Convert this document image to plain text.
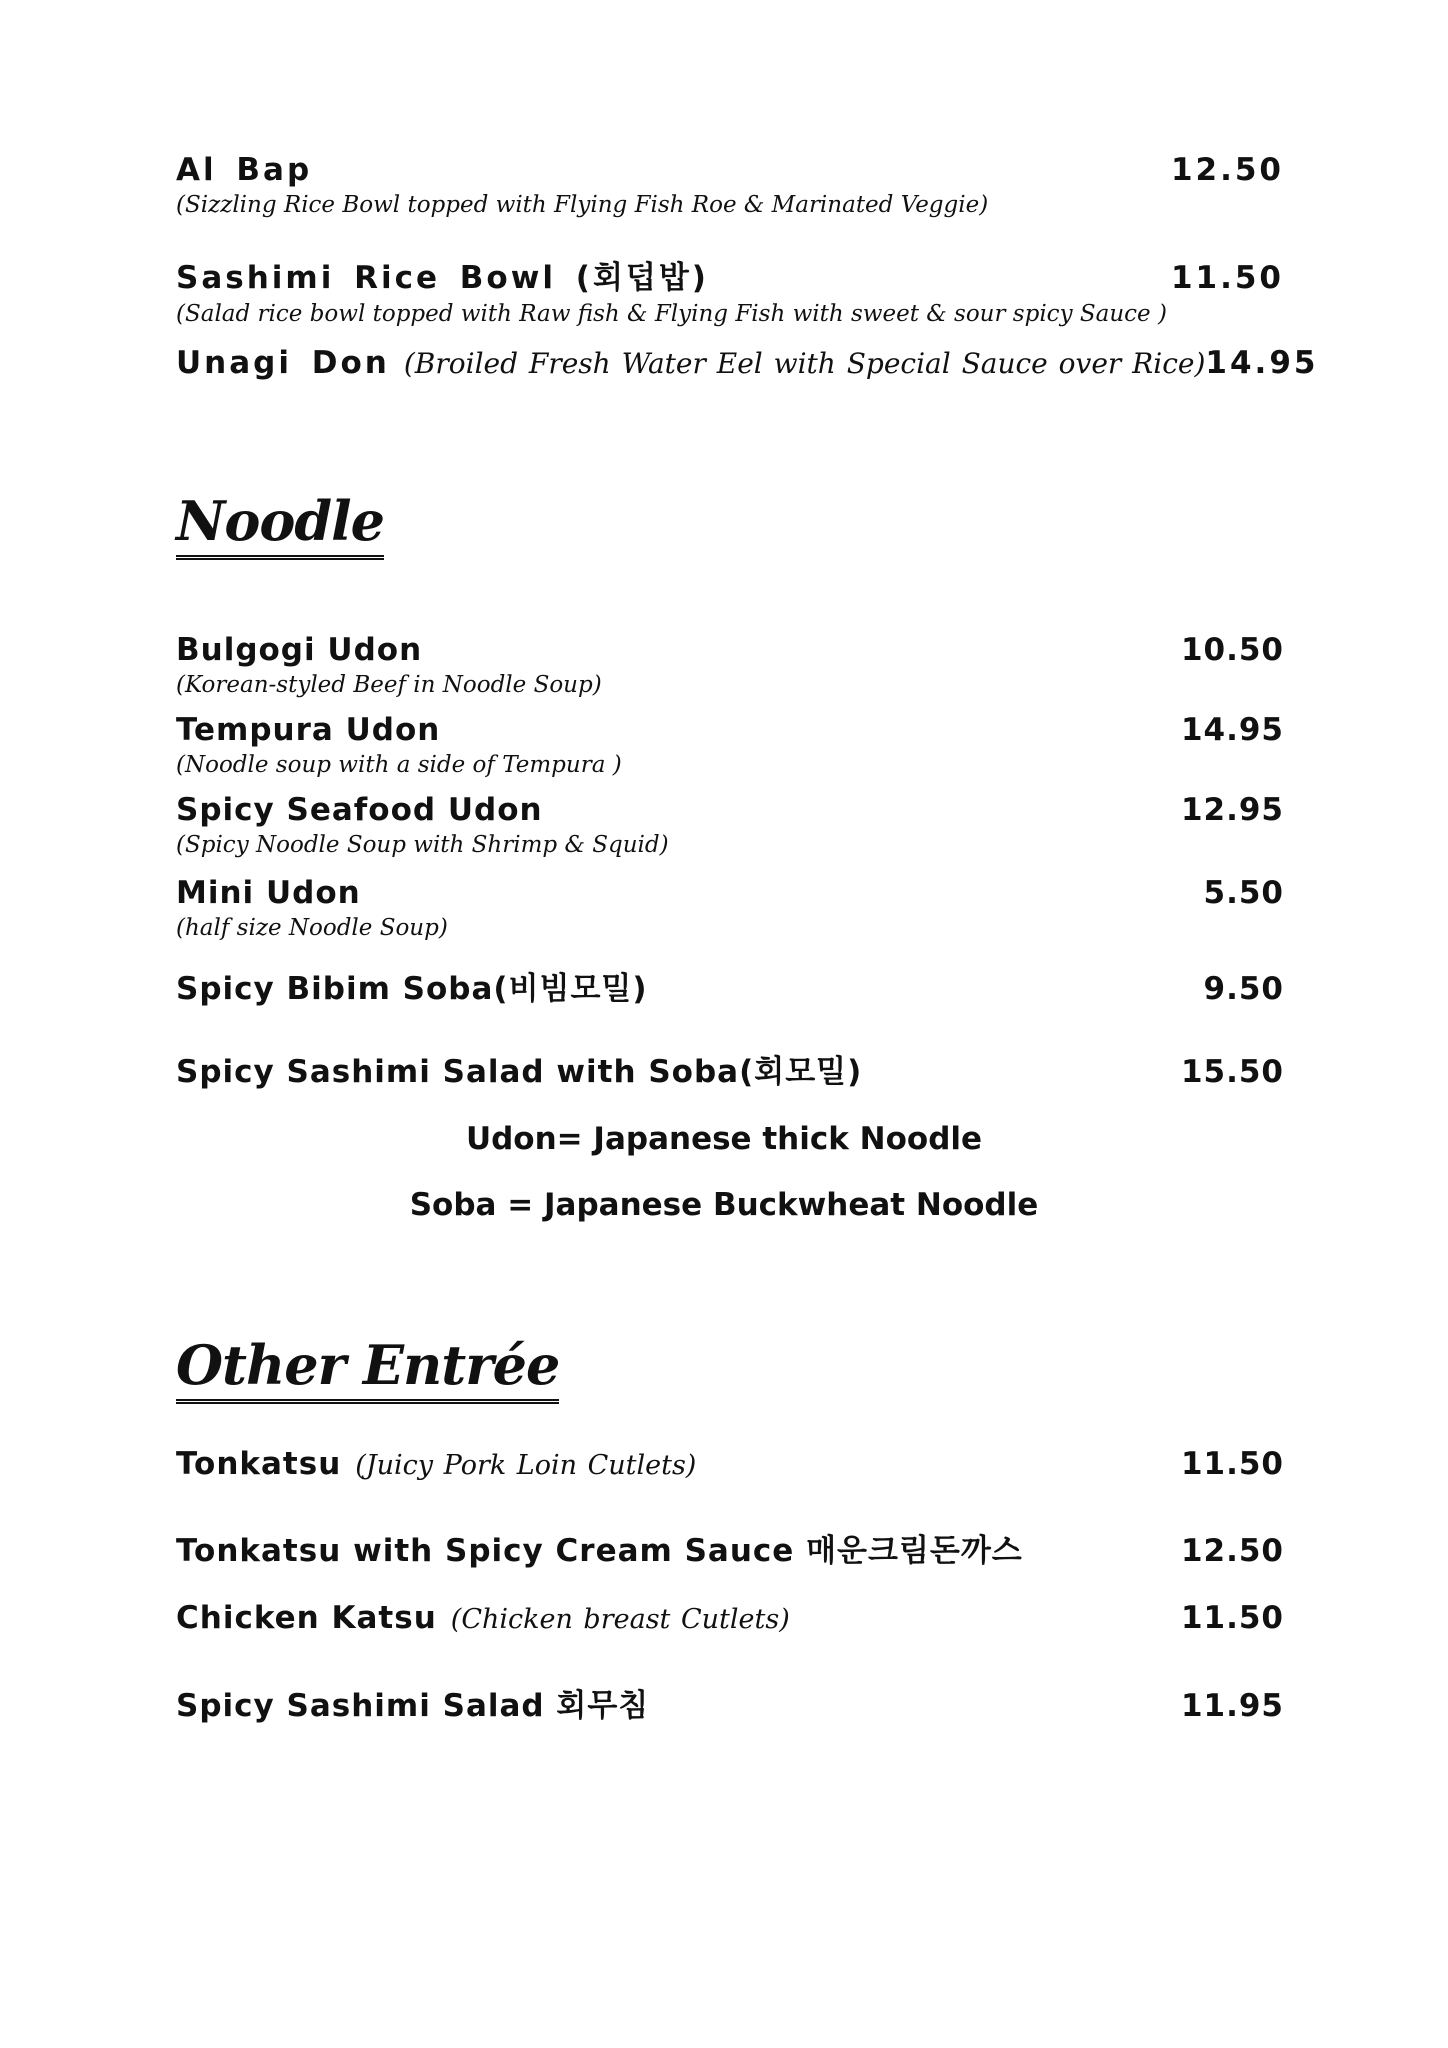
Al Bap	12.50
(Sizzling Rice Bowl topped with Flying Fish Roe & Marinated Veggie)
Sashimi Rice Bowl (회덥밥)	11.50
(Salad rice bowl topped with Raw fish & Flying Fish with sweet & sour spicy Sauce )
Unagi Don (Broiled Fresh Water Eel with Special Sauce over Rice) 14.95
Noodle
Bulgogi Udon	10.50
(Korean-styled Beef in Noodle Soup)
Tempura Udon	14.95
(Noodle soup with a side of Tempura )
Spicy Seafood Udon	12.95
(Spicy Noodle Soup with Shrimp & Squid)
Mini Udon	5.50
(half size Noodle Soup)
Spicy Bibim Soba(비빔모밀)	9.50
Spicy Sashimi Salad with Soba(회모밀)	15.50
Udon= Japanese thick Noodle
Soba = Japanese Buckwheat Noodle
Other Entrée
Tonkatsu (Juicy Pork Loin Cutlets)	11.50
Tonkatsu with Spicy Cream Sauce 매운크림돈까스	12.50
Chicken Katsu (Chicken breast Cutlets)	11.50
Spicy Sashimi Salad 회무침	11.95
